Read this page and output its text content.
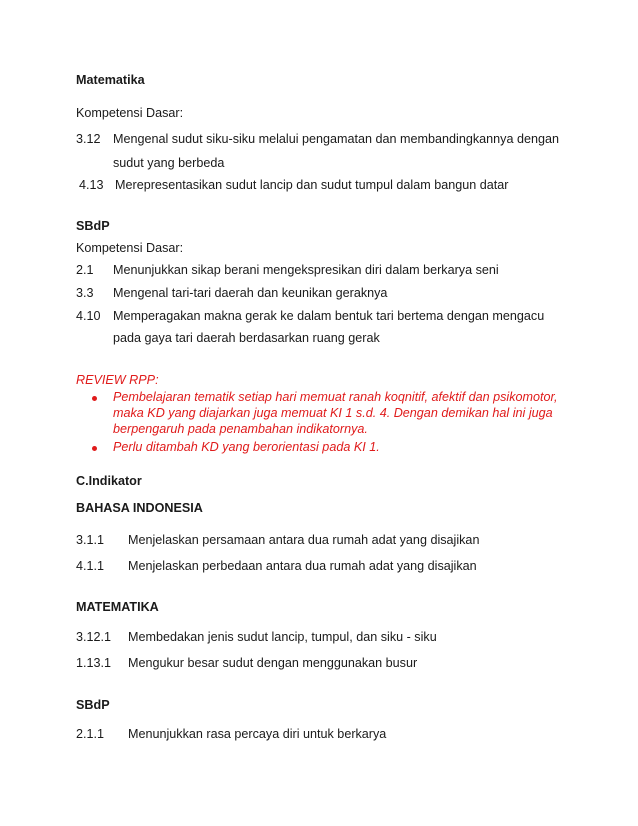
Matematika
Kompetensi Dasar:
3.12 Mengenal sudut siku-siku melalui pengamatan dan membandingkannya dengan
sudut yang berbeda
4.13 Merepresentasikan sudut lancip dan sudut tumpul dalam bangun datar
SBdP
Kompetensi Dasar:
2.1 Menunjukkan sikap berani mengekspresikan diri dalam berkarya seni
3.3 Mengenal tari-tari daerah dan keunikan geraknya
4.10 Memperagakan makna gerak ke dalam bentuk tari bertema dengan mengacu
pada gaya tari daerah berdasarkan ruang gerak
REVIEW RPP:
Pembelajaran tematik setiap hari memuat ranah koqnitif, afektif dan psikomotor,
maka KD yang diajarkan juga memuat KI 1 s.d. 4. Dengan demikan hal ini juga
berpengaruh pada penambahan indikatornya.
Perlu ditambah KD yang berorientasi pada KI 1.
C.Indikator
BAHASA INDONESIA
3.1.1 Menjelaskan persamaan antara dua rumah adat yang disajikan
4.1.1 Menjelaskan perbedaan antara dua rumah adat yang disajikan
MATEMATIKA
3.12.1 Membedakan jenis sudut lancip, tumpul, dan siku - siku
1.13.1 Mengukur besar sudut dengan menggunakan busur
SBdP
2.1.1 Menunjukkan rasa percaya diri untuk berkarya
